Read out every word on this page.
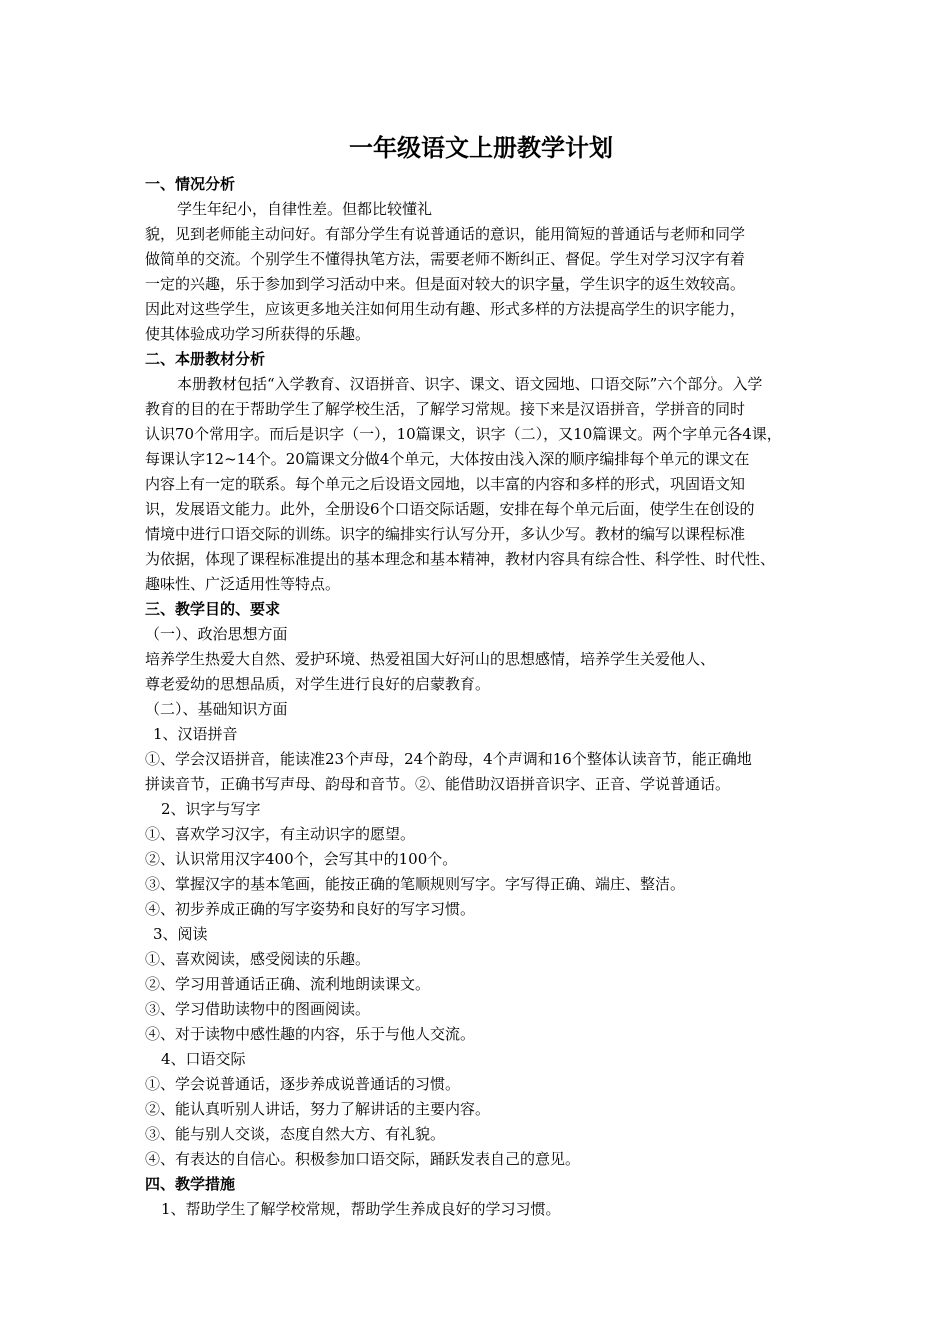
一年级语文上册教学计划
一、情况分析
学生年纪小，自律性差。但都比较懂礼
貌，见到老师能主动问好。有部分学生有说普通话的意识，能用简短的普通话与老师和同学
做简单的交流。个别学生不懂得执笔方法，需要老师不断纠正、督促。学生对学习汉字有着
一定的兴趣，乐于参加到学习活动中来。但是面对较大的识字量，学生识字的返生效较高。
因此对这些学生，应该更多地关注如何用生动有趣、形式多样的方法提高学生的识字能力，
使其体验成功学习所获得的乐趣。
二、本册教材分析
本册教材包括“入学教育、汉语拼音、识字、课文、语文园地、口语交际”六个部分。入学
教育的目的在于帮助学生了解学校生活，了解学习常规。接下来是汉语拼音，学拼音的同时
认识70个常用字。而后是识字（一），10篇课文，识字（二），又10篇课文。两个字单元各4课，
每课认字12~14个。20篇课文分做4个单元，大体按由浅入深的顺序编排每个单元的课文在
内容上有一定的联系。每个单元之后设语文园地，以丰富的内容和多样的形式，巩固语文知
识，发展语文能力。此外，全册设6个口语交际话题，安排在每个单元后面，使学生在创设的
情境中进行口语交际的训练。识字的编排实行认写分开，多认少写。教材的编写以课程标准
为依据，体现了课程标准提出的基本理念和基本精神，教材内容具有综合性、科学性、时代性、
趣味性、广泛适用性等特点。
三、教学目的、要求
（一）、政治思想方面
培养学生热爱大自然、爱护环境、热爱祖国大好河山的思想感情，培养学生关爱他人、
尊老爱幼的思想品质，对学生进行良好的启蒙教育。
（二）、基础知识方面
1、汉语拼音
①、学会汉语拼音，能读准23个声母，24个韵母，4个声调和16个整体认读音节，能正确地
拼读音节，正确书写声母、韵母和音节。②、能借助汉语拼音识字、正音、学说普通话。
2、识字与写字
①、喜欢学习汉字，有主动识字的愿望。
②、认识常用汉字400个，会写其中的100个。
③、掌握汉字的基本笔画，能按正确的笔顺规则写字。字写得正确、端庄、整洁。
④、初步养成正确的写字姿势和良好的写字习惯。
3、阅读
①、喜欢阅读，感受阅读的乐趣。
②、学习用普通话正确、流利地朗读课文。
③、学习借助读物中的图画阅读。
④、对于读物中感性趣的内容，乐于与他人交流。
4、口语交际
①、学会说普通话，逐步养成说普通话的习惯。
②、能认真听别人讲话，努力了解讲话的主要内容。
③、能与别人交谈，态度自然大方、有礼貌。
④、有表达的自信心。积极参加口语交际，踊跃发表自己的意见。
四、教学措施
1、帮助学生了解学校常规，帮助学生养成良好的学习习惯。
